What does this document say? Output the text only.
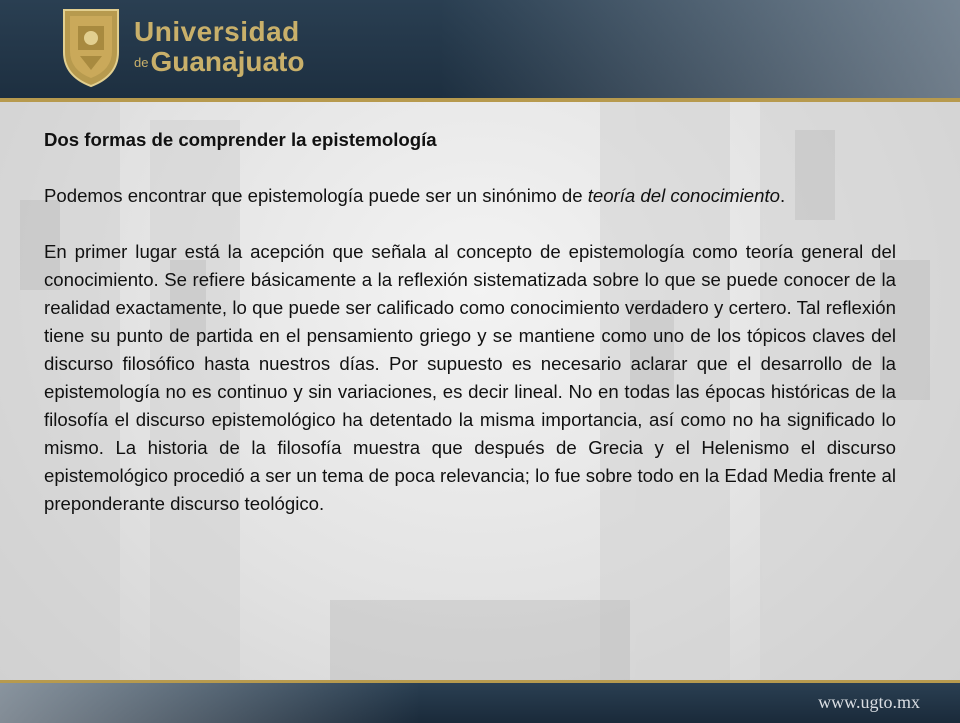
Universidad
deGuanajuato

Dos formas de comprender la epistemología

Podemos encontrar que epistemología puede ser un sinónimo de teoría del conocimiento.

En primer lugar está la acepción que señala al concepto de epistemología como teoría general del conocimiento. Se refiere básicamente a la reflexión sistematizada sobre lo que se puede conocer de la realidad exactamente, lo que puede ser calificado como conocimiento verdadero y certero. Tal reflexión tiene su punto de partida en el pensamiento griego y se mantiene como uno de los tópicos claves del discurso filosófico hasta nuestros días. Por supuesto es necesario aclarar que el desarrollo de la epistemología no es continuo y sin variaciones, es decir lineal. No en todas las épocas históricas de la filosofía el discurso epistemológico ha detentado la misma importancia, así como no ha significado lo mismo. La historia de la filosofía muestra que después de Grecia y el Helenismo el discurso epistemológico procedió a ser un tema de poca relevancia; lo fue sobre todo en la Edad Media frente al preponderante discurso teológico.

www.ugto.mx
